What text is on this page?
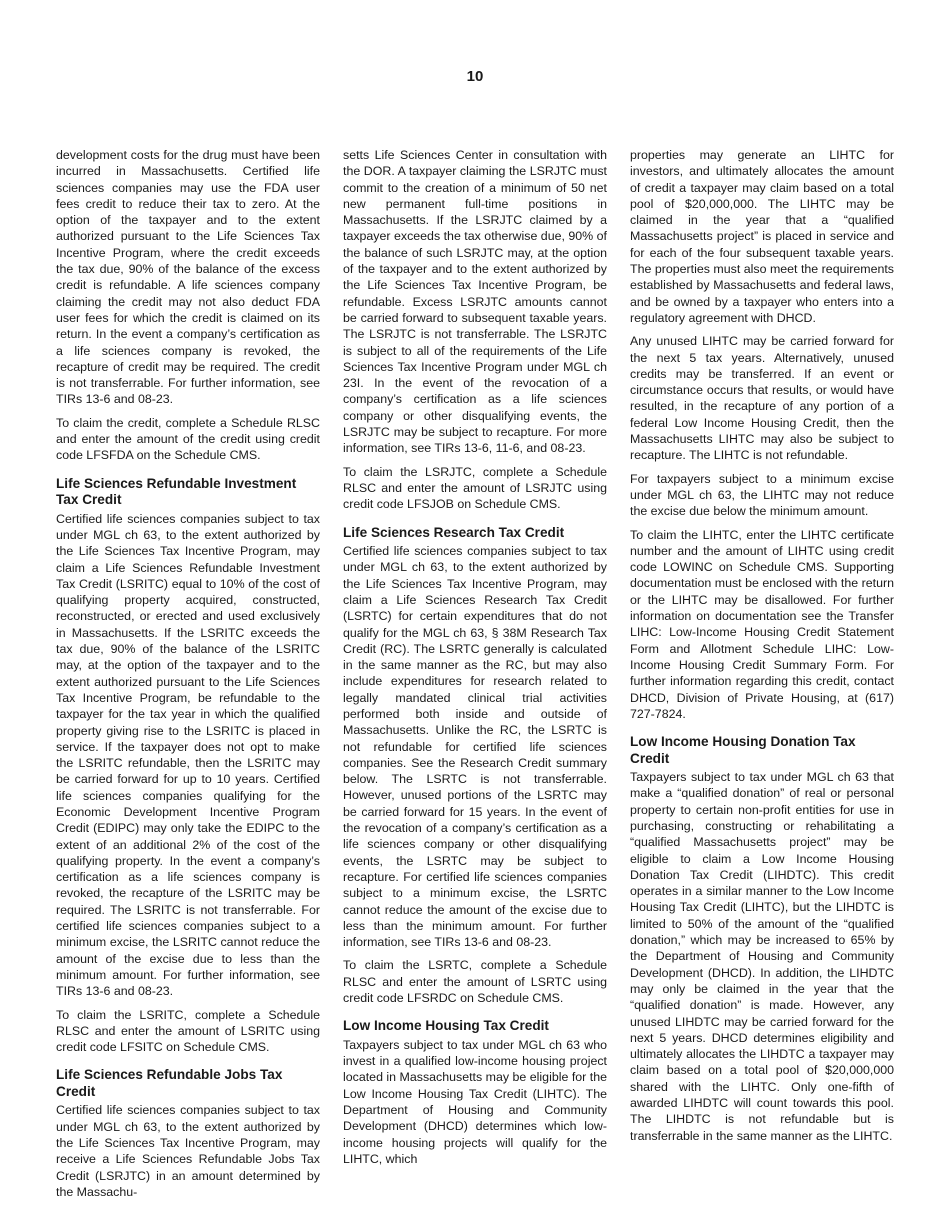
10

development costs for the drug must have been incurred in Massachusetts. Certified life sciences companies may use the FDA user fees credit to reduce their tax to zero. At the option of the taxpayer and to the extent authorized pursuant to the Life Sciences Tax Incentive Program, where the credit exceeds the tax due, 90% of the balance of the excess credit is refundable. A life sciences company claiming the credit may not also deduct FDA user fees for which the credit is claimed on its return. In the event a company’s certification as a life sciences company is revoked, the recapture of credit may be required. The credit is not transferrable. For further information, see TIRs 13-6 and 08-23.

To claim the credit, complete a Schedule RLSC and enter the amount of the credit using credit code LFSFDA on the Schedule CMS.

Life Sciences Refundable Investment Tax Credit

Certified life sciences companies subject to tax under MGL ch 63, to the extent authorized by the Life Sciences Tax Incentive Program, may claim a Life Sciences Refundable Investment Tax Credit (LSRITC) equal to 10% of the cost of qualifying property acquired, constructed, reconstructed, or erected and used exclusively in Massachusetts. If the LSRITC exceeds the tax due, 90% of the balance of the LSRITC may, at the option of the taxpayer and to the extent authorized pursuant to the Life Sciences Tax Incentive Program, be refundable to the taxpayer for the tax year in which the qualified property giving rise to the LSRITC is placed in service. If the taxpayer does not opt to make the LSRITC refundable, then the LSRITC may be carried forward for up to 10 years. Certified life sciences companies qualifying for the Economic Development Incentive Program Credit (EDIPC) may only take the EDIPC to the extent of an additional 2% of the cost of the qualifying property. In the event a company’s certification as a life sciences company is revoked, the recapture of the LSRITC may be required. The LSRITC is not transferrable. For certified life sciences companies subject to a minimum excise, the LSRITC cannot reduce the amount of the excise due to less than the minimum amount. For further information, see TIRs 13-6 and 08-23.

To claim the LSRITC, complete a Schedule RLSC and enter the amount of LSRITC using credit code LFSITC on Schedule CMS.

Life Sciences Refundable Jobs Tax Credit

Certified life sciences companies subject to tax under MGL ch 63, to the extent authorized by the Life Sciences Tax Incentive Program, may receive a Life Sciences Refundable Jobs Tax Credit (LSRJTC) in an amount determined by the Massachu-

setts Life Sciences Center in consultation with the DOR. A taxpayer claiming the LSRJTC must commit to the creation of a minimum of 50 net new permanent full-time positions in Massachusetts. If the LSRJTC claimed by a taxpayer exceeds the tax otherwise due, 90% of the balance of such LSRJTC may, at the option of the taxpayer and to the extent authorized by the Life Sciences Tax Incentive Program, be refundable. Excess LSRJTC amounts cannot be carried forward to subsequent taxable years. The LSRJTC is not transferrable. The LSRJTC is subject to all of the requirements of the Life Sciences Tax Incentive Program under MGL ch 23I. In the event of the revocation of a company’s certification as a life sciences company or other disqualifying events, the LSRJTC may be subject to recapture. For more information, see TIRs 13-6, 11-6, and 08-23.

To claim the LSRJTC, complete a Schedule RLSC and enter the amount of LSRJTC using credit code LFSJOB on Schedule CMS.

Life Sciences Research Tax Credit

Certified life sciences companies subject to tax under MGL ch 63, to the extent authorized by the Life Sciences Tax Incentive Program, may claim a Life Sciences Research Tax Credit (LSRTC) for certain expenditures that do not qualify for the MGL ch 63, § 38M Research Tax Credit (RC). The LSRTC generally is calculated in the same manner as the RC, but may also include expenditures for research related to legally mandated clinical trial activities performed both inside and outside of Massachusetts. Unlike the RC, the LSRTC is not refundable for certified life sciences companies. See the Research Credit summary below. The LSRTC is not transferrable. However, unused portions of the LSRTC may be carried forward for 15 years. In the event of the revocation of a company’s certification as a life sciences company or other disqualifying events, the LSRTC may be subject to recapture. For certified life sciences companies subject to a minimum excise, the LSRTC cannot reduce the amount of the excise due to less than the minimum amount. For further information, see TIRs 13-6 and 08-23.

To claim the LSRTC, complete a Schedule RLSC and enter the amount of LSRTC using credit code LFSRDC on Schedule CMS.

Low Income Housing Tax Credit

Taxpayers subject to tax under MGL ch 63 who invest in a qualified low-income housing project located in Massachusetts may be eligible for the Low Income Housing Tax Credit (LIHTC). The Department of Housing and Community Development (DHCD) determines which low-income housing projects will qualify for the LIHTC, which

properties may generate an LIHTC for investors, and ultimately allocates the amount of credit a taxpayer may claim based on a total pool of $20,000,000. The LIHTC may be claimed in the year that a “qualified Massachusetts project” is placed in service and for each of the four subsequent taxable years. The properties must also meet the requirements established by Massachusetts and federal laws, and be owned by a taxpayer who enters into a regulatory agreement with DHCD.

Any unused LIHTC may be carried forward for the next 5 tax years. Alternatively, unused credits may be transferred. If an event or circumstance occurs that results, or would have resulted, in the recapture of any portion of a federal Low Income Housing Credit, then the Massachusetts LIHTC may also be subject to recapture. The LIHTC is not refundable.

For taxpayers subject to a minimum excise under MGL ch 63, the LIHTC may not reduce the excise due below the minimum amount.

To claim the LIHTC, enter the LIHTC certificate number and the amount of LIHTC using credit code LOWINC on Schedule CMS. Supporting documentation must be enclosed with the return or the LIHTC may be disallowed. For further information on documentation see the Transfer LIHC: Low-Income Housing Credit Statement Form and Allotment Schedule LIHC: Low-Income Housing Credit Summary Form. For further information regarding this credit, contact DHCD, Division of Private Housing, at (617) 727-7824.

Low Income Housing Donation Tax Credit

Taxpayers subject to tax under MGL ch 63 that make a “qualified donation” of real or personal property to certain non-profit entities for use in purchasing, constructing or rehabilitating a “qualified Massachusetts project” may be eligible to claim a Low Income Housing Donation Tax Credit (LIHDTC). This credit operates in a similar manner to the Low Income Housing Tax Credit (LIHTC), but the LIHDTC is limited to 50% of the amount of the “qualified donation,” which may be increased to 65% by the Department of Housing and Community Development (DHCD). In addition, the LIHDTC may only be claimed in the year that the “qualified donation” is made. However, any unused LIHDTC may be carried forward for the next 5 years. DHCD determines eligibility and ultimately allocates the LIHDTC a taxpayer may claim based on a total pool of $20,000,000 shared with the LIHTC. Only one-fifth of awarded LIHDTC will count towards this pool. The LIHDTC is not refundable but is transferrable in the same manner as the LIHTC.
